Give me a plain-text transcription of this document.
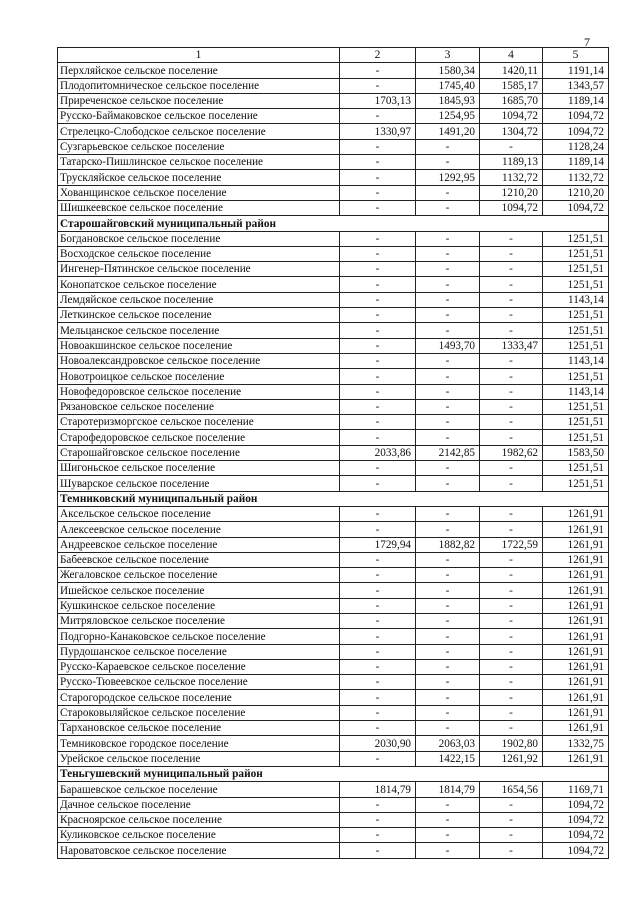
7
1	2	3	4	5
Перхляйское сельское поселение	-	1580,34	1420,11	1191,14
Плодопитомническое сельское поселение	-	1745,40	1585,17	1343,57
Приреченское сельское поселение	1703,13	1845,93	1685,70	1189,14
Русско-Баймаковское сельское поселение	-	1254,95	1094,72	1094,72
Стрелецко-Слободское сельское поселение	1330,97	1491,20	1304,72	1094,72
Сузгарьевское сельское поселение	-	-	-	1128,24
Татарско-Пишлинское сельское поселение	-	-	1189,13	1189,14
Трускляйское сельское поселение	-	1292,95	1132,72	1132,72
Хованщинское сельское поселение	-	-	1210,20	1210,20
Шишкеевское сельское поселение	-	-	1094,72	1094,72
Старошайговский муниципальный район				
Богдановское сельское поселение	-	-	-	1251,51
Восходское сельское поселение	-	-	-	1251,51
Ингенер-Пятинское сельское поселение	-	-	-	1251,51
Конопатское сельское поселение	-	-	-	1251,51
Лемдяйское сельское поселение	-	-	-	1143,14
Леткинское сельское поселение	-	-	-	1251,51
Мельцанское сельское поселение	-	-	-	1251,51
Новоакшинское сельское поселение	-	1493,70	1333,47	1251,51
Новоалександровское сельское поселение	-	-	-	1143,14
Новотроицкое сельское поселение	-	-	-	1251,51
Новофедоровское сельское поселение	-	-	-	1143,14
Рязановское сельское поселение	-	-	-	1251,51
Старотеризморгское сельское поселение	-	-	-	1251,51
Старофедоровское сельское поселение	-	-	-	1251,51
Старошайговское сельское поселение	2033,86	2142,85	1982,62	1583,50
Шигоньское сельское поселение	-	-	-	1251,51
Шуварское сельское поселение	-	-	-	1251,51
Темниковский муниципальный район				
Аксельское сельское поселение	-	-	-	1261,91
Алексеевское сельское поселение	-	-	-	1261,91
Андреевское сельское поселение	1729,94	1882,82	1722,59	1261,91
Бабеевское сельское поселение	-	-	-	1261,91
Жегаловское сельское поселение	-	-	-	1261,91
Ишейское сельское поселение	-	-	-	1261,91
Кушкинское сельское поселение	-	-	-	1261,91
Митряловское сельское поселение	-	-	-	1261,91
Подгорно-Канаковское сельское поселение	-	-	-	1261,91
Пурдошанское сельское поселение	-	-	-	1261,91
Русско-Караевское сельское поселение	-	-	-	1261,91
Русско-Тювеевское сельское поселение	-	-	-	1261,91
Старогородское сельское поселение	-	-	-	1261,91
Староковыляйское сельское поселение	-	-	-	1261,91
Тархановское сельское поселение	-	-	-	1261,91
Темниковское городское поселение	2030,90	2063,03	1902,80	1332,75
Урейское сельское поселение	-	1422,15	1261,92	1261,91
Теньгушевский муниципальный район				
Барашевское сельское поселение	1814,79	1814,79	1654,56	1169,71
Дачное сельское поселение	-	-	-	1094,72
Красноярское сельское поселение	-	-	-	1094,72
Куликовское сельское поселение	-	-	-	1094,72
Нароватовское сельское поселение	-	-	-	1094,72
